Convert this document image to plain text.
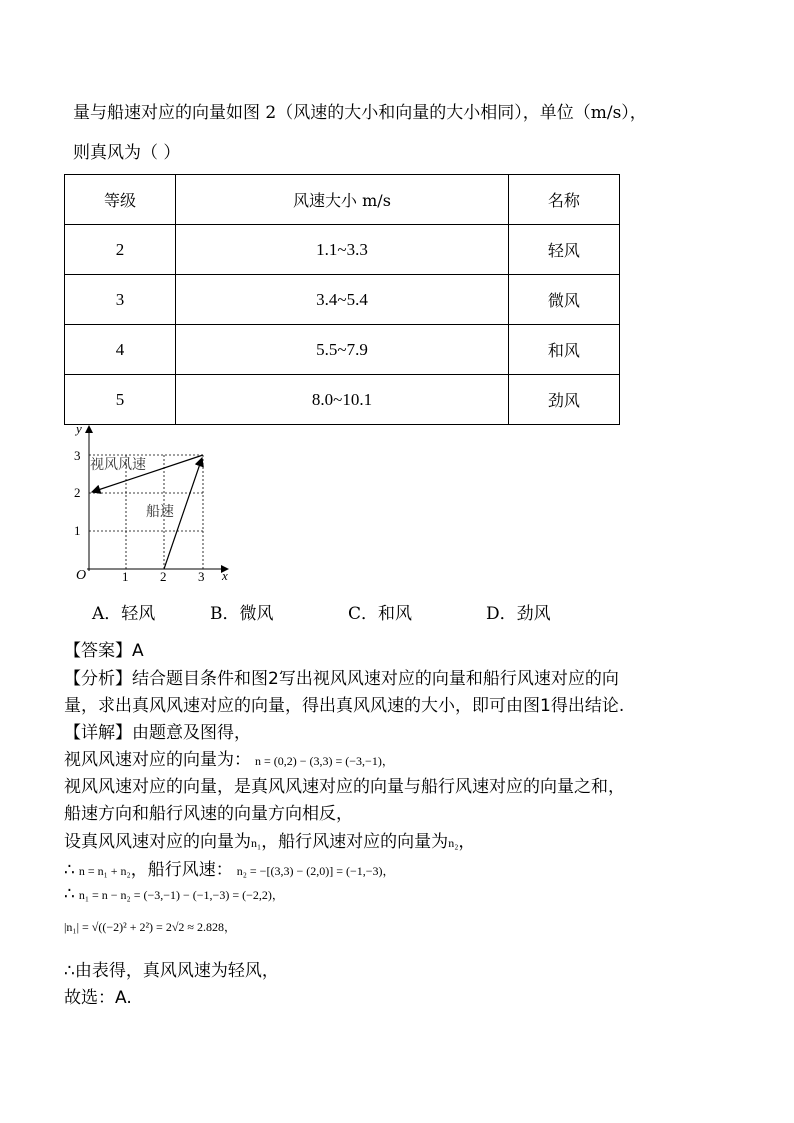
量与船速对应的向量如图 2（风速的大小和向量的大小相同），单位（m/s），
则真风为（ ）
等级	风速大小 m/s	名称
2	1.1~3.3	轻风
3	3.4~5.4	微风
4	5.5~7.9	和风
5	8.0~10.1	劲风
y
x
O
1
2
3
1 2 3
视风风速
船速
A．轻风	B．微风	C．和风	D．劲风
【答案】A
【分析】结合题目条件和图2写出视风风速对应的向量和船行风速对应的向
量，求出真风风速对应的向量，得出真风风速的大小，即可由图1得出结论.
【详解】由题意及图得，
视风风速对应的向量为： n = (0,2) − (3,3) = (−3,−1)，
视风风速对应的向量，是真风风速对应的向量与船行风速对应的向量之和，
船速方向和船行风速的向量方向相反，
设真风风速对应的向量为n₁，船行风速对应的向量为n₂，
∴ n = n₁ + n₂，船行风速： n₂ = −[(3,3) − (2,0)] = (−1,−3)，
∴ n₁ = n − n₂ = (−3,−1) − (−1,−3) = (−2,2)，
|n₁| = √((−2)² + 2²) = 2√2 ≈ 2.828，
∴由表得，真风风速为轻风，
故选：A.
